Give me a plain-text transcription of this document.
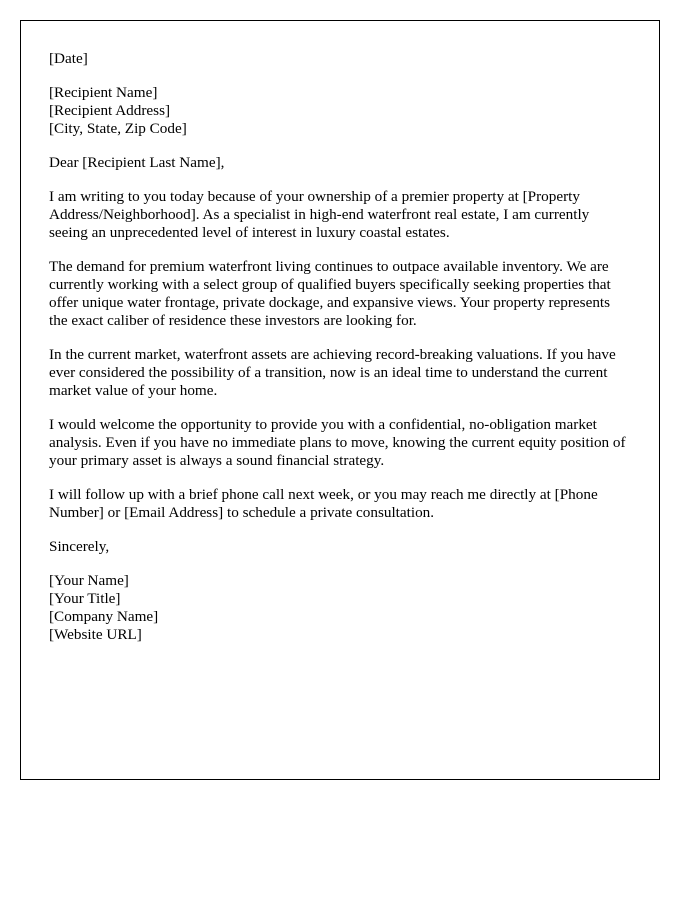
[Date]
[Recipient Name]
[Recipient Address]
[City, State, Zip Code]
Dear [Recipient Last Name],

I am writing to you today because of your ownership of a premier property at [Property Address/Neighborhood]. As a specialist in high-end waterfront real estate, I am currently seeing an unprecedented level of interest in luxury coastal estates.

The demand for premium waterfront living continues to outpace available inventory. We are currently working with a select group of qualified buyers specifically seeking properties that offer unique water frontage, private dockage, and expansive views. Your property represents the exact caliber of residence these investors are looking for.

In the current market, waterfront assets are achieving record-breaking valuations. If you have ever considered the possibility of a transition, now is an ideal time to understand the current market value of your home.

I would welcome the opportunity to provide you with a confidential, no-obligation market analysis. Even if you have no immediate plans to move, knowing the current equity position of your primary asset is always a sound financial strategy.

I will follow up with a brief phone call next week, or you may reach me directly at [Phone Number] or [Email Address] to schedule a private consultation.

Sincerely,
[Your Name]
[Your Title]
[Company Name]
[Website URL]
